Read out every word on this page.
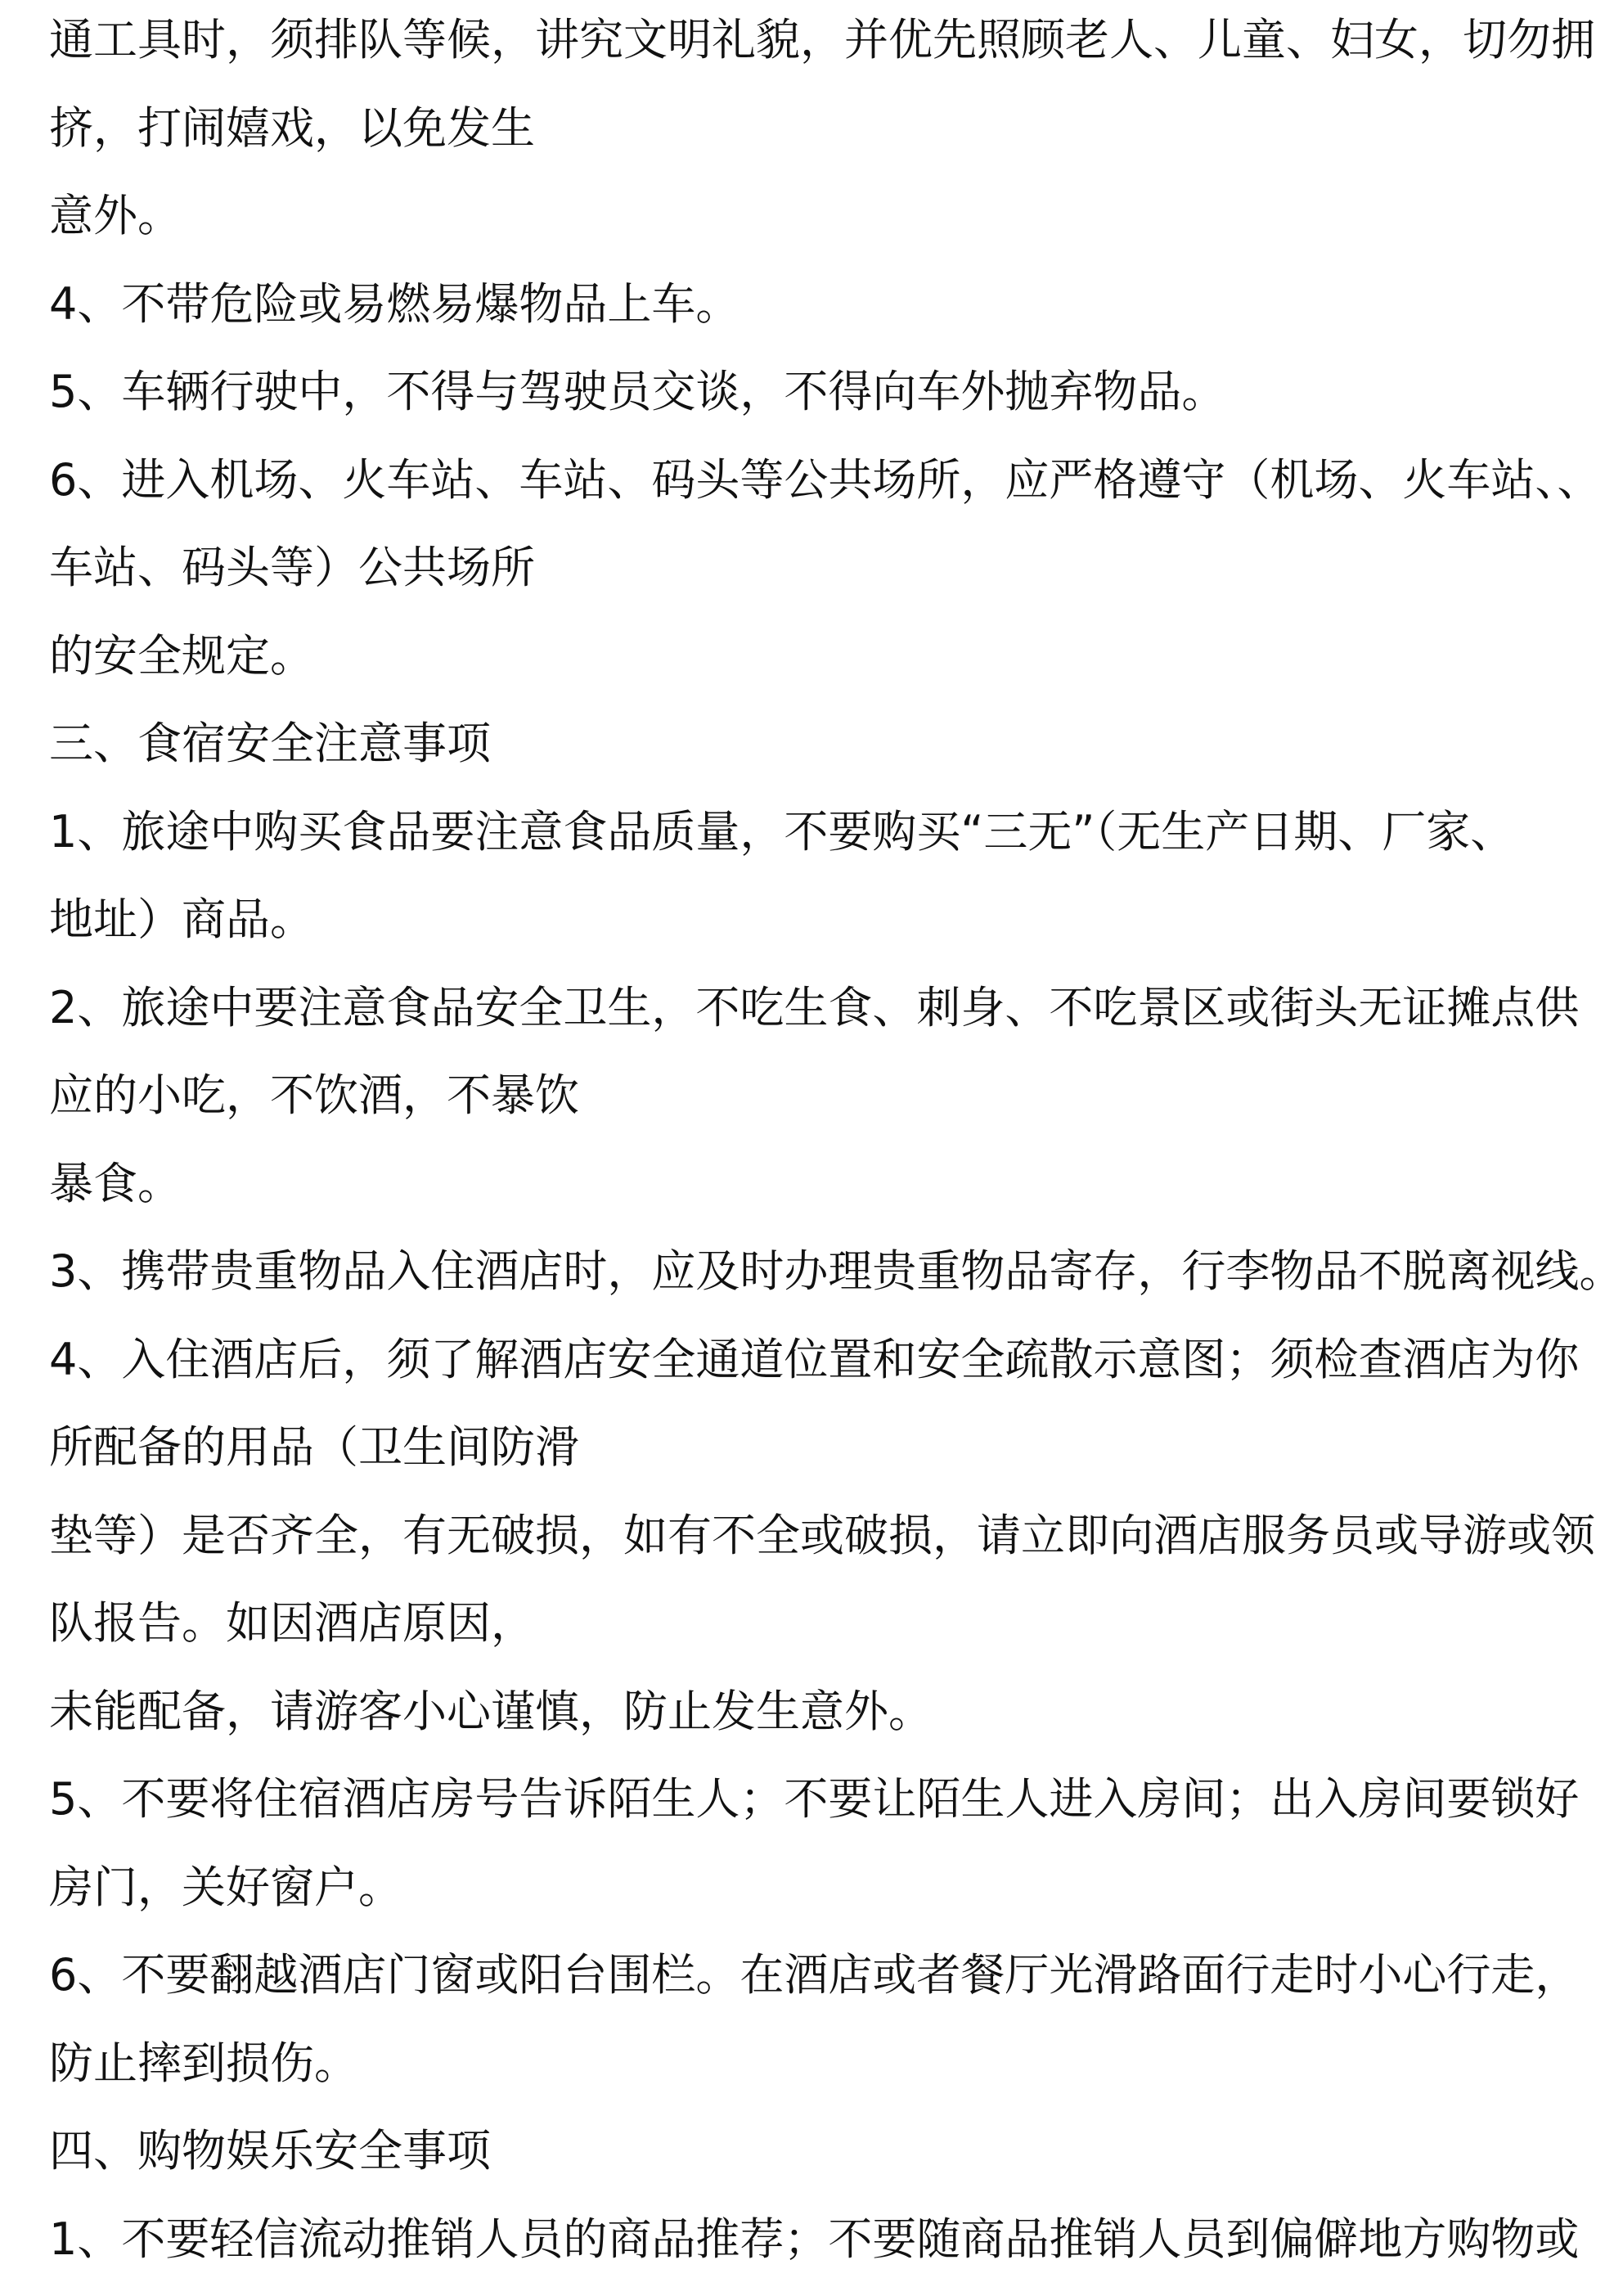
通工具时，须排队等候，讲究文明礼貌，并优先照顾老人、儿童、妇女，切勿拥
挤，打闹嬉戏，以免发生
意外。
4、不带危险或易燃易爆物品上车。
5、车辆行驶中，不得与驾驶员交谈，不得向车外抛弃物品。
6、进入机场、火车站、车站、码头等公共场所，应严格遵守（机场、火车站、、
车站、码头等）公共场所
的安全规定。
三、食宿安全注意事项
1、旅途中购买食品要注意食品质量，不要购买“三无”（无生产日期、厂家、
地址）商品。
2、旅途中要注意食品安全卫生，不吃生食、刺身、不吃景区或街头无证摊点供
应的小吃，不饮酒，不暴饮
暴食。
3、携带贵重物品入住酒店时，应及时办理贵重物品寄存，行李物品不脱离视线。
4、入住酒店后，须了解酒店安全通道位置和安全疏散示意图；须检查酒店为你
所配备的用品（卫生间防滑
垫等）是否齐全，有无破损，如有不全或破损，请立即向酒店服务员或导游或领
队报告。如因酒店原因，
未能配备，请游客小心谨慎，防止发生意外。
5、不要将住宿酒店房号告诉陌生人；不要让陌生人进入房间；出入房间要锁好
房门，关好窗户。
6、不要翻越酒店门窗或阳台围栏。在酒店或者餐厅光滑路面行走时小心行走，
防止摔到损伤。
四、购物娱乐安全事项
1、不要轻信流动推销人员的商品推荐；不要随商品推销人员到偏僻地方购物或
